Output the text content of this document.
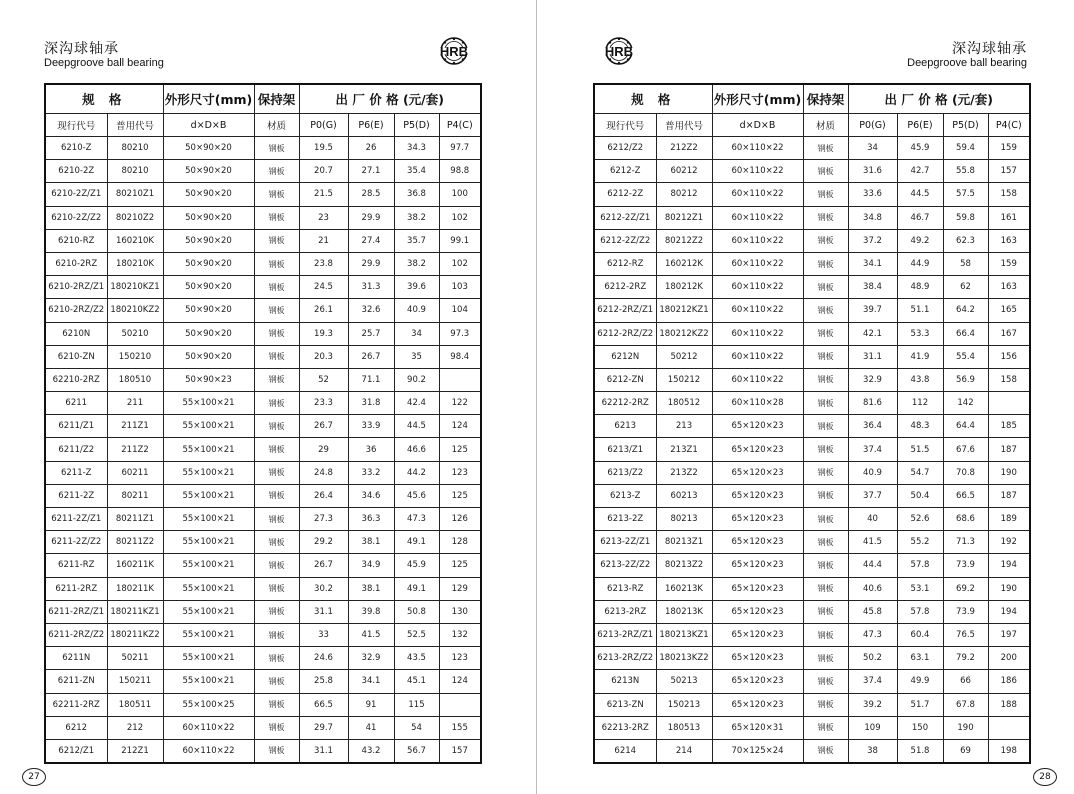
深沟球轴承
Deepgroove ball bearing
HRB
规 格		外形尺寸(mm)	保持架	出 厂 价 格 (元/套)			
现行代号	普用代号	d×D×B	材质	P0(G)	P6(E)	P5(D)	P4(C)
6210-Z	80210	50×90×20	钢板	19.5	26	34.3	97.7
6210-2Z	80210	50×90×20	钢板	20.7	27.1	35.4	98.8
6210-2Z/Z1	80210Z1	50×90×20	钢板	21.5	28.5	36.8	100
6210-2Z/Z2	80210Z2	50×90×20	钢板	23	29.9	38.2	102
6210-RZ	160210K	50×90×20	钢板	21	27.4	35.7	99.1
6210-2RZ	180210K	50×90×20	钢板	23.8	29.9	38.2	102
6210-2RZ/Z1	180210KZ1	50×90×20	钢板	24.5	31.3	39.6	103
6210-2RZ/Z2	180210KZ2	50×90×20	钢板	26.1	32.6	40.9	104
6210N	50210	50×90×20	钢板	19.3	25.7	34	97.3
6210-ZN	150210	50×90×20	钢板	20.3	26.7	35	98.4
62210-2RZ	180510	50×90×23	钢板	52	71.1	90.2	
6211	211	55×100×21	钢板	23.3	31.8	42.4	122
6211/Z1	211Z1	55×100×21	钢板	26.7	33.9	44.5	124
6211/Z2	211Z2	55×100×21	钢板	29	36	46.6	125
6211-Z	60211	55×100×21	钢板	24.8	33.2	44.2	123
6211-2Z	80211	55×100×21	钢板	26.4	34.6	45.6	125
6211-2Z/Z1	80211Z1	55×100×21	钢板	27.3	36.3	47.3	126
6211-2Z/Z2	80211Z2	55×100×21	钢板	29.2	38.1	49.1	128
6211-RZ	160211K	55×100×21	钢板	26.7	34.9	45.9	125
6211-2RZ	180211K	55×100×21	钢板	30.2	38.1	49.1	129
6211-2RZ/Z1	180211KZ1	55×100×21	钢板	31.1	39.8	50.8	130
6211-2RZ/Z2	180211KZ2	55×100×21	钢板	33	41.5	52.5	132
6211N	50211	55×100×21	钢板	24.6	32.9	43.5	123
6211-ZN	150211	55×100×21	钢板	25.8	34.1	45.1	124
62211-2RZ	180511	55×100×25	钢板	66.5	91	115	
6212	212	60×110×22	钢板	29.7	41	54	155
6212/Z1	212Z1	60×110×22	钢板	31.1	43.2	56.7	157
27
HRB	深沟球轴承
Deepgroove ball bearing
规 格		外形尺寸(mm)	保持架	出 厂 价 格 (元/套)			
现行代号	普用代号	d×D×B	材质	P0(G)	P6(E)	P5(D)	P4(C)
6212/Z2	212Z2	60×110×22	钢板	34	45.9	59.4	159
6212-Z	60212	60×110×22	钢板	31.6	42.7	55.8	157
6212-2Z	80212	60×110×22	钢板	33.6	44.5	57.5	158
6212-2Z/Z1	80212Z1	60×110×22	钢板	34.8	46.7	59.8	161
6212-2Z/Z2	80212Z2	60×110×22	钢板	37.2	49.2	62.3	163
6212-RZ	160212K	60×110×22	钢板	34.1	44.9	58	159
6212-2RZ	180212K	60×110×22	钢板	38.4	48.9	62	163
6212-2RZ/Z1	180212KZ1	60×110×22	钢板	39.7	51.1	64.2	165
6212-2RZ/Z2	180212KZ2	60×110×22	钢板	42.1	53.3	66.4	167
6212N	50212	60×110×22	钢板	31.1	41.9	55.4	156
6212-ZN	150212	60×110×22	钢板	32.9	43.8	56.9	158
62212-2RZ	180512	60×110×28	钢板	81.6	112	142	
6213	213	65×120×23	钢板	36.4	48.3	64.4	185
6213/Z1	213Z1	65×120×23	钢板	37.4	51.5	67.6	187
6213/Z2	213Z2	65×120×23	钢板	40.9	54.7	70.8	190
6213-Z	60213	65×120×23	钢板	37.7	50.4	66.5	187
6213-2Z	80213	65×120×23	钢板	40	52.6	68.6	189
6213-2Z/Z1	80213Z1	65×120×23	钢板	41.5	55.2	71.3	192
6213-2Z/Z2	80213Z2	65×120×23	钢板	44.4	57.8	73.9	194
6213-RZ	160213K	65×120×23	钢板	40.6	53.1	69.2	190
6213-2RZ	180213K	65×120×23	钢板	45.8	57.8	73.9	194
6213-2RZ/Z1	180213KZ1	65×120×23	钢板	47.3	60.4	76.5	197
6213-2RZ/Z2	180213KZ2	65×120×23	钢板	50.2	63.1	79.2	200
6213N	50213	65×120×23	钢板	37.4	49.9	66	186
6213-ZN	150213	65×120×23	钢板	39.2	51.7	67.8	188
62213-2RZ	180513	65×120×31	钢板	109	150	190	
6214	214	70×125×24	钢板	38	51.8	69	198
28
